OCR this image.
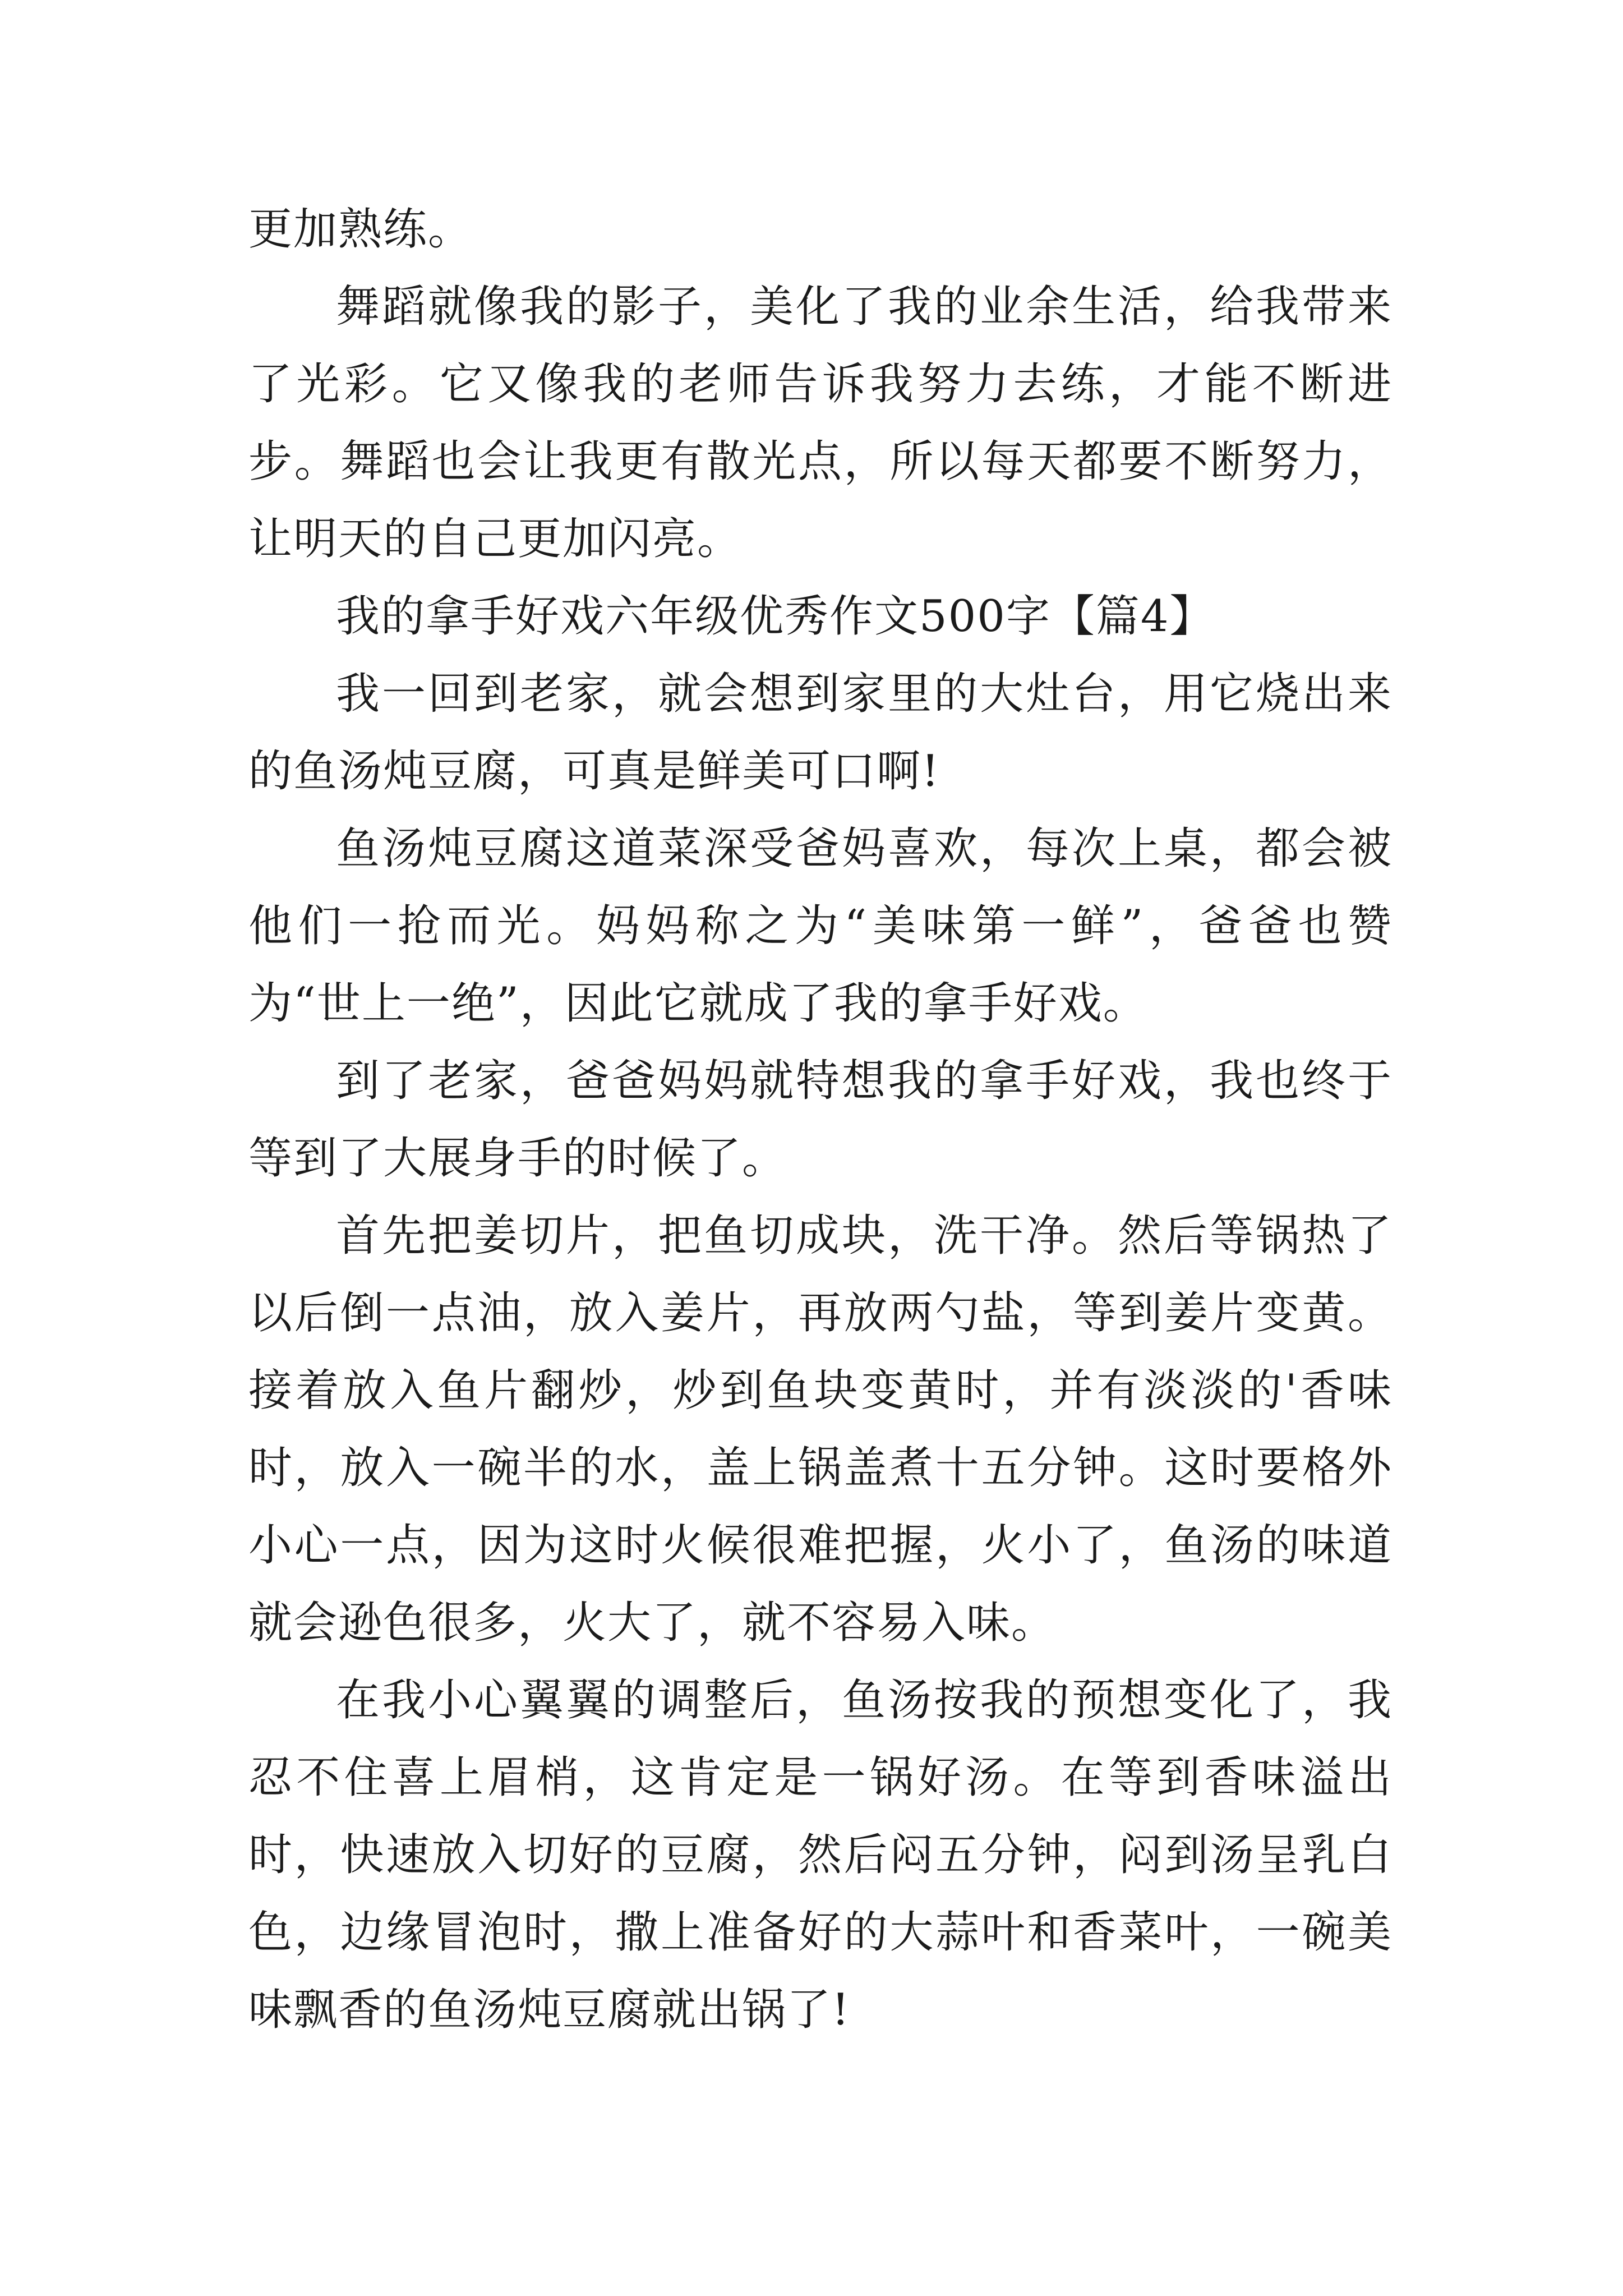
更加熟练。

舞蹈就像我的影子，美化了我的业余生活，给我带来了光彩。它又像我的老师告诉我努力去练，才能不断进步。舞蹈也会让我更有散光点，所以每天都要不断努力，让明天的自己更加闪亮。

我的拿手好戏六年级优秀作文500字【篇4】

我一回到老家，就会想到家里的大灶台，用它烧出来的鱼汤炖豆腐，可真是鲜美可口啊!

鱼汤炖豆腐这道菜深受爸妈喜欢，每次上桌，都会被他们一抢而光。妈妈称之为“美味第一鲜”，爸爸也赞为“世上一绝”，因此它就成了我的拿手好戏。

到了老家，爸爸妈妈就特想我的拿手好戏，我也终于等到了大展身手的时候了。

首先把姜切片，把鱼切成块，洗干净。然后等锅热了以后倒一点油，放入姜片，再放两勺盐，等到姜片变黄。接着放入鱼片翻炒，炒到鱼块变黄时，并有淡淡的'香味时，放入一碗半的水，盖上锅盖煮十五分钟。这时要格外小心一点，因为这时火候很难把握，火小了，鱼汤的味道就会逊色很多，火大了，就不容易入味。

在我小心翼翼的调整后，鱼汤按我的预想变化了，我忍不住喜上眉梢，这肯定是一锅好汤。在等到香味溢出时，快速放入切好的豆腐，然后闷五分钟，闷到汤呈乳白色，边缘冒泡时，撒上准备好的大蒜叶和香菜叶，一碗美味飘香的鱼汤炖豆腐就出锅了!
